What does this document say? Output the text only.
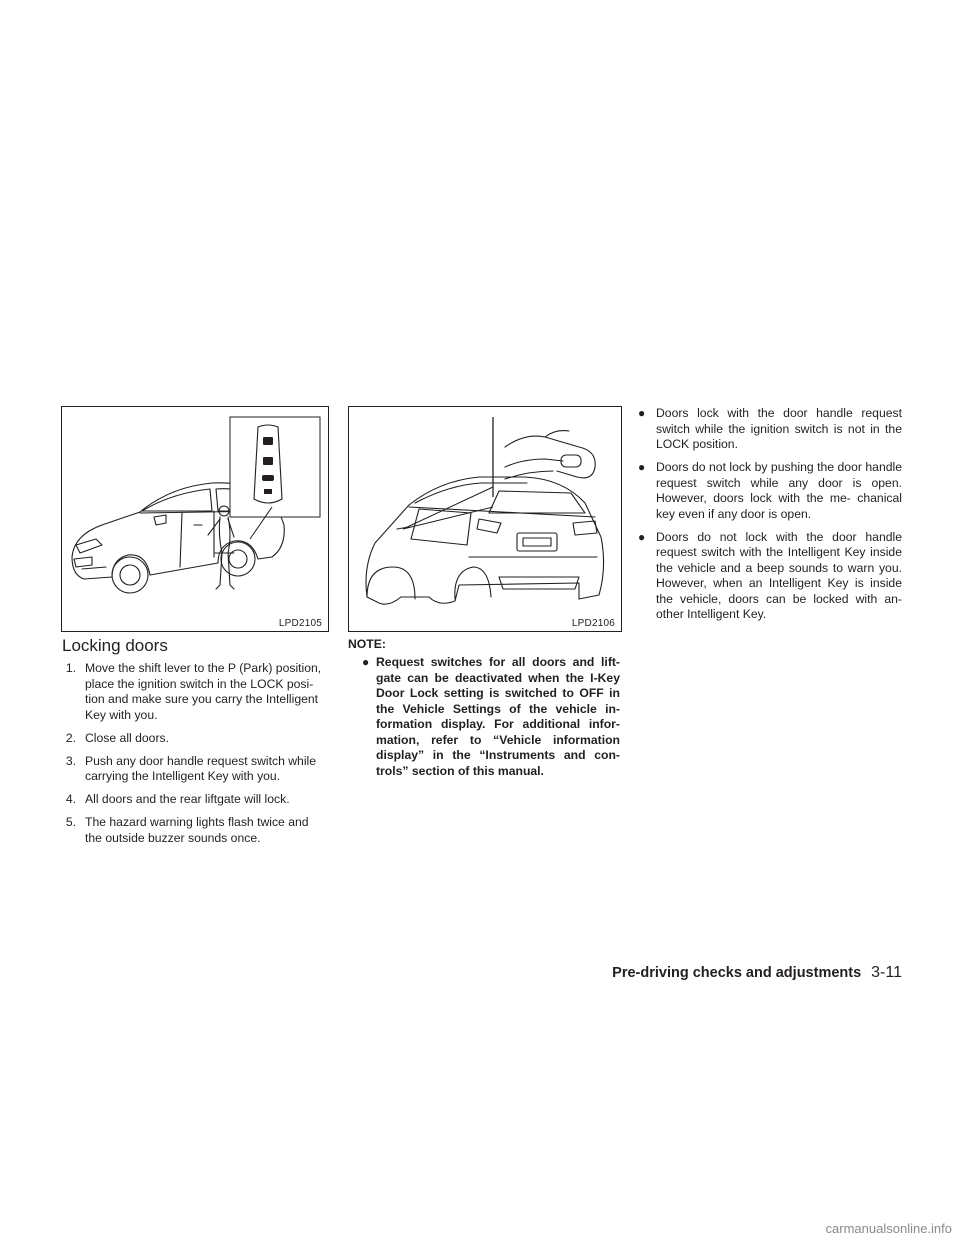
LPD2105	LPD2106
Locking doors
1. Move the shift lever to the P (Park) position, place the ignition switch in the LOCK posi- tion and make sure you carry the Intelligent Key with you.
2. Close all doors.
3. Push any door handle request switch while carrying the Intelligent Key with you.
4. All doors and the rear liftgate will lock.
5. The hazard warning lights flash twice and the outside buzzer sounds once.
NOTE:
● Request switches for all doors and lift- gate can be deactivated when the I-Key Door Lock setting is switched to OFF in the Vehicle Settings of the vehicle in- formation display. For additional infor- mation, refer to “Vehicle information display” in the “Instruments and con- trols” section of this manual.
● Doors lock with the door handle request switch while the ignition switch is not in the LOCK position.
● Doors do not lock by pushing the door handle request switch while any door is open. However, doors lock with the me- chanical key even if any door is open.
● Doors do not lock with the door handle request switch with the Intelligent Key inside the vehicle and a beep sounds to warn you. However, when an Intelligent Key is inside the vehicle, doors can be locked with an- other Intelligent Key.
Pre-driving checks and adjustments 3-11
carmanualsonline.info
